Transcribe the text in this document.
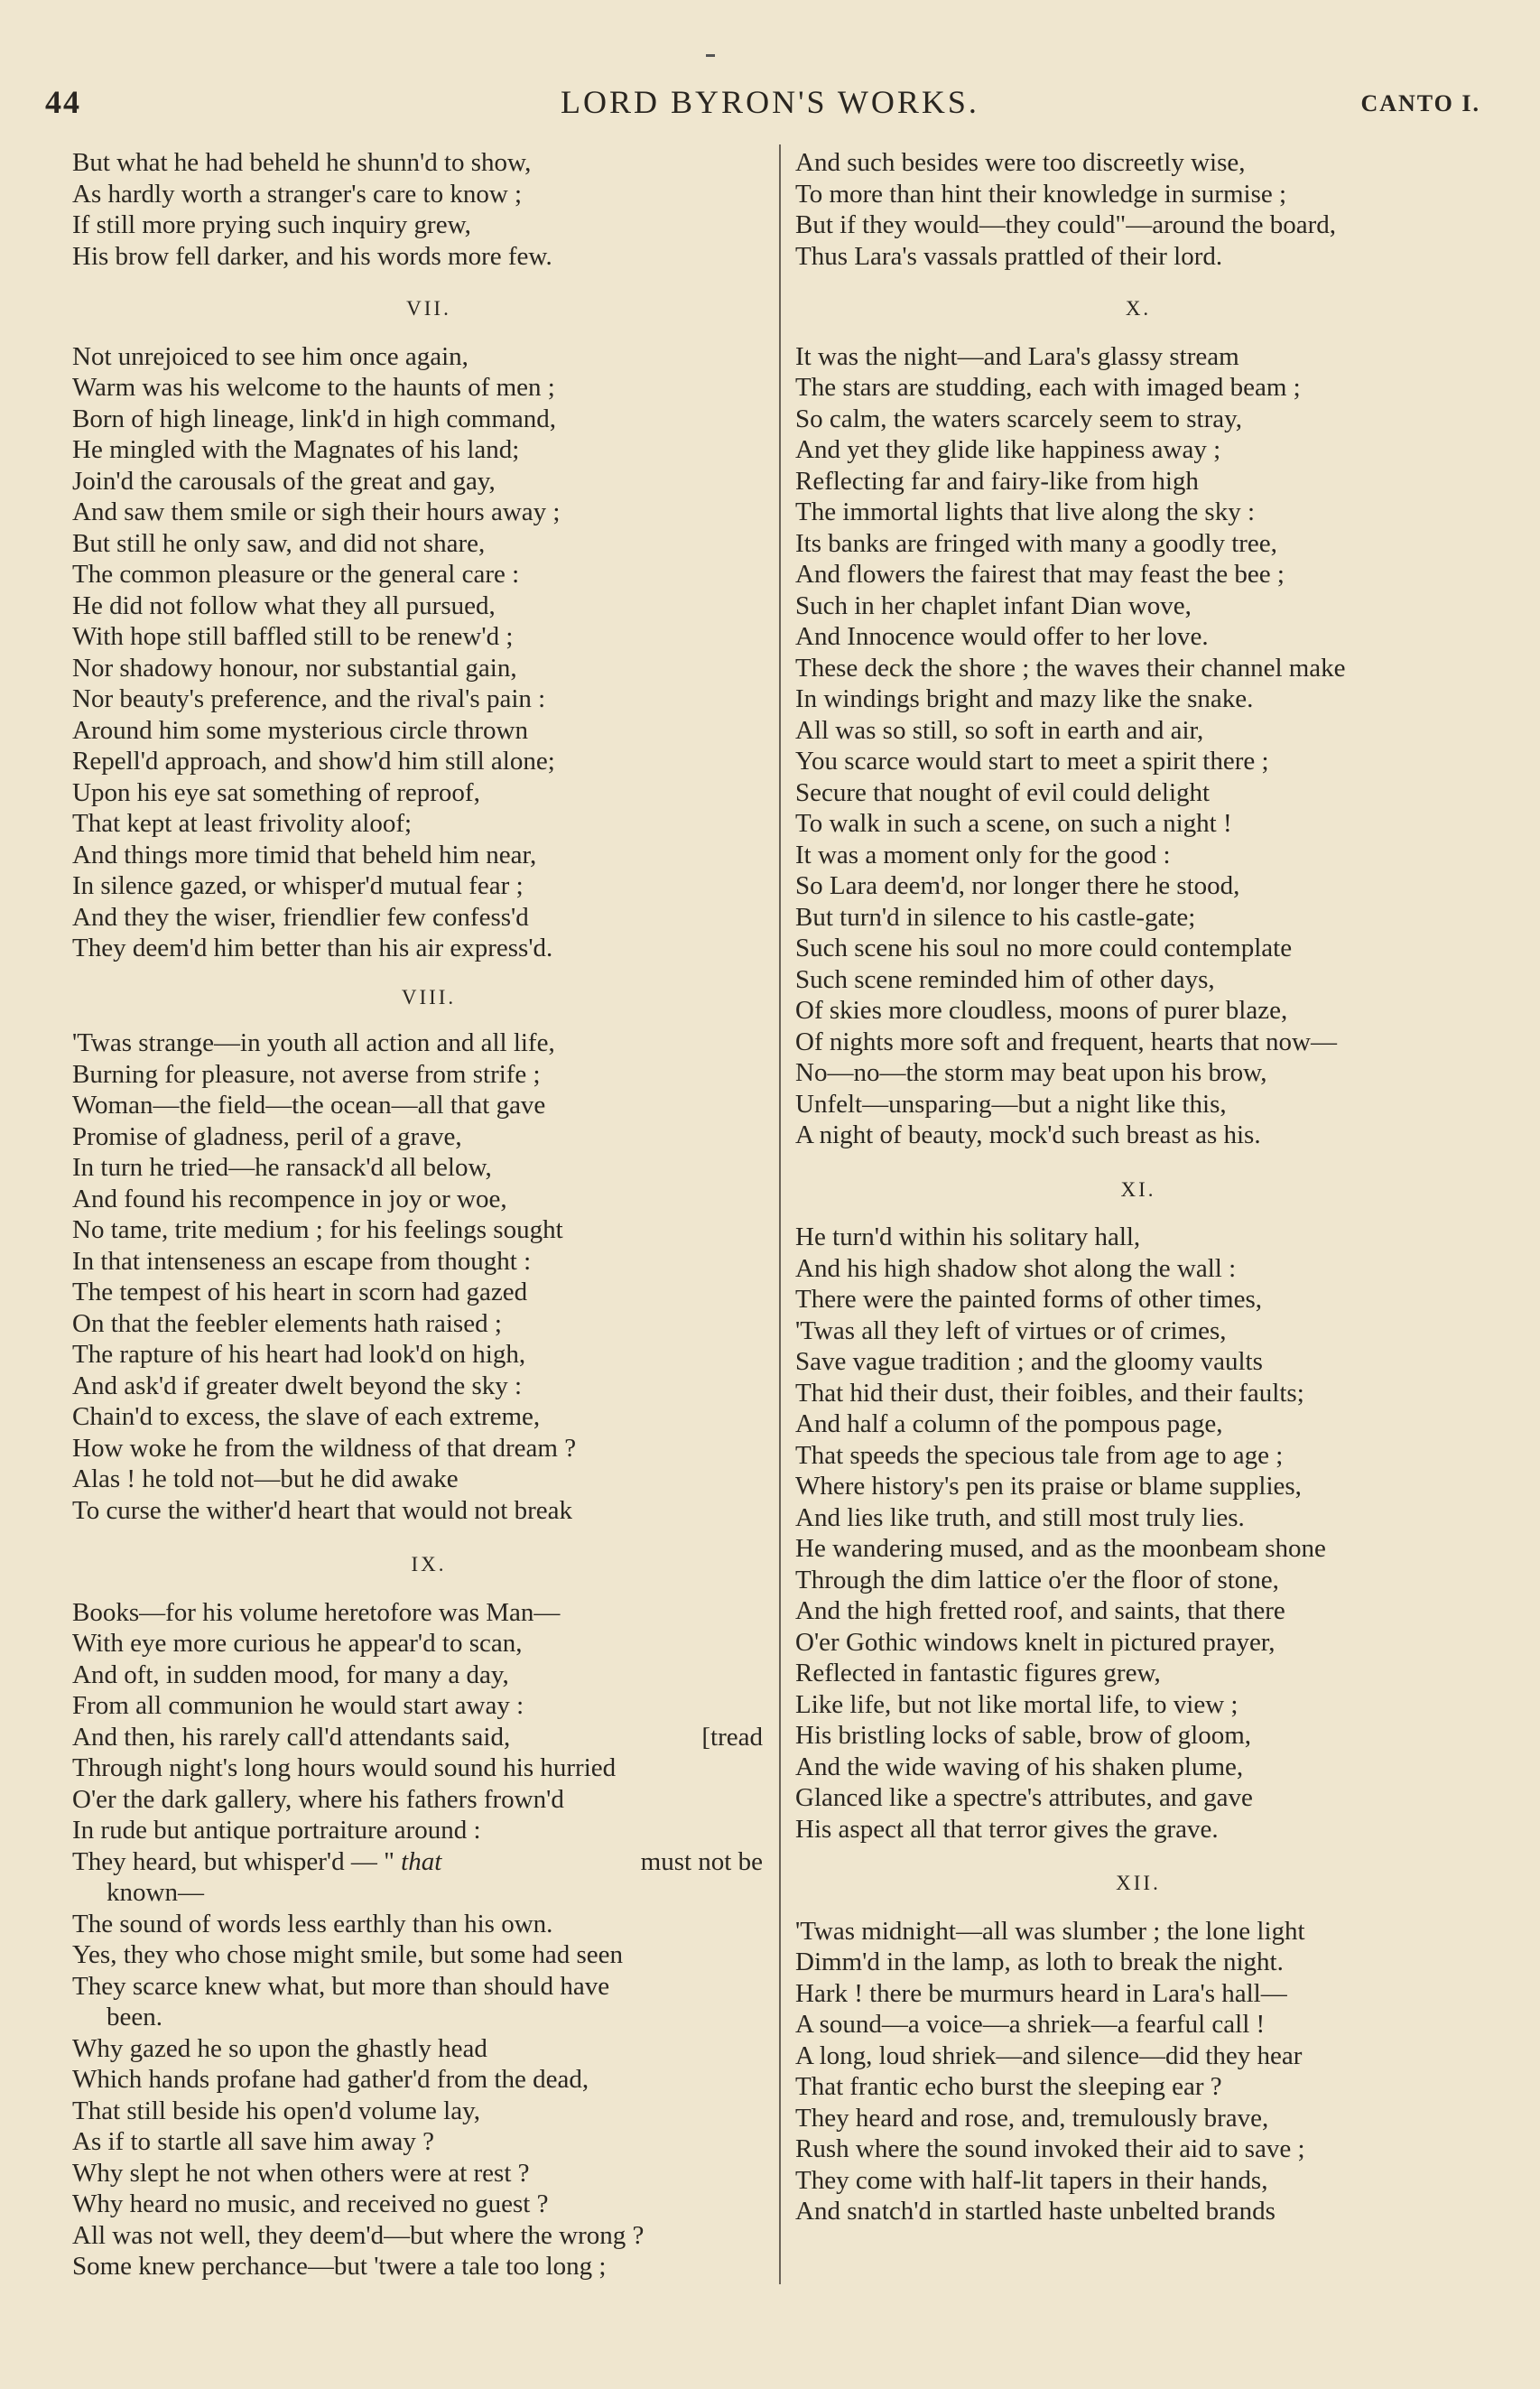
44	LORD BYRON'S WORKS.	CANTO I.
But what he had beheld he shunn'd to show,
As hardly worth a stranger's care to know ;
If still more prying such inquiry grew,
His brow fell darker, and his words more few.
VII.
Not unrejoiced to see him once again,
Warm was his welcome to the haunts of men ;
Born of high lineage, link'd in high command,
He mingled with the Magnates of his land;
Join'd the carousals of the great and gay,
And saw them smile or sigh their hours away ;
But still he only saw, and did not share,
The common pleasure or the general care :
He did not follow what they all pursued,
With hope still baffled still to be renew'd ;
Nor shadowy honour, nor substantial gain,
Nor beauty's preference, and the rival's pain :
Around him some mysterious circle thrown
Repell'd approach, and show'd him still alone;
Upon his eye sat something of reproof,
That kept at least frivolity aloof;
And things more timid that beheld him near,
In silence gazed, or whisper'd mutual fear ;
And they the wiser, friendlier few confess'd
They deem'd him better than his air express'd.
VIII.
'Twas strange—in youth all action and all life,
Burning for pleasure, not averse from strife ;
Woman—the field—the ocean—all that gave
Promise of gladness, peril of a grave,
In turn he tried—he ransack'd all below,
And found his recompence in joy or woe,
No tame, trite medium ; for his feelings sought
In that intenseness an escape from thought :
The tempest of his heart in scorn had gazed
On that the feebler elements hath raised ;
The rapture of his heart had look'd on high,
And ask'd if greater dwelt beyond the sky :
Chain'd to excess, the slave of each extreme,
How woke he from the wildness of that dream ?
Alas ! he told not—but he did awake
To curse the wither'd heart that would not break
IX.
Books—for his volume heretofore was Man—
With eye more curious he appear'd to scan,
And oft, in sudden mood, for many a day,
From all communion he would start away :
And then, his rarely call'd attendants said,	[tread
Through night's long hours would sound his hurried
O'er the dark gallery, where his fathers frown'd
In rude but antique portraiture around :
They heard, but whisper'd — " that	must not be
known—
The sound of words less earthly than his own.
Yes, they who chose might smile, but some had seen
They scarce knew what, but more than should have
been.
Why gazed he so upon the ghastly head
Which hands profane had gather'd from the dead,
That still beside his open'd volume lay,
As if to startle all save him away ?
Why slept he not when others were at rest ?
Why heard no music, and received no guest ?
All was not well, they deem'd—but where the wrong ?
Some knew perchance—but 'twere a tale too long ;
And such besides were too discreetly wise,
To more than hint their knowledge in surmise ;
But if they would—they could"—around the board,
Thus Lara's vassals prattled of their lord.
X.
It was the night—and Lara's glassy stream
The stars are studding, each with imaged beam ;
So calm, the waters scarcely seem to stray,
And yet they glide like happiness away ;
Reflecting far and fairy-like from high
The immortal lights that live along the sky :
Its banks are fringed with many a goodly tree,
And flowers the fairest that may feast the bee ;
Such in her chaplet infant Dian wove,
And Innocence would offer to her love.
These deck the shore ; the waves their channel make
In windings bright and mazy like the snake.
All was so still, so soft in earth and air,
You scarce would start to meet a spirit there ;
Secure that nought of evil could delight
To walk in such a scene, on such a night !
It was a moment only for the good :
So Lara deem'd, nor longer there he stood,
But turn'd in silence to his castle-gate;
Such scene his soul no more could contemplate
Such scene reminded him of other days,
Of skies more cloudless, moons of purer blaze,
Of nights more soft and frequent, hearts that now—
No—no—the storm may beat upon his brow,
Unfelt—unsparing—but a night like this,
A night of beauty, mock'd such breast as his.
XI.
He turn'd within his solitary hall,
And his high shadow shot along the wall :
There were the painted forms of other times,
'Twas all they left of virtues or of crimes,
Save vague tradition ; and the gloomy vaults
That hid their dust, their foibles, and their faults;
And half a column of the pompous page,
That speeds the specious tale from age to age ;
Where history's pen its praise or blame supplies,
And lies like truth, and still most truly lies.
He wandering mused, and as the moonbeam shone
Through the dim lattice o'er the floor of stone,
And the high fretted roof, and saints, that there
O'er Gothic windows knelt in pictured prayer,
Reflected in fantastic figures grew,
Like life, but not like mortal life, to view ;
His bristling locks of sable, brow of gloom,
And the wide waving of his shaken plume,
Glanced like a spectre's attributes, and gave
His aspect all that terror gives the grave.
XII.
'Twas midnight—all was slumber ; the lone light
Dimm'd in the lamp, as loth to break the night.
Hark ! there be murmurs heard in Lara's hall—
A sound—a voice—a shriek—a fearful call !
A long, loud shriek—and silence—did they hear
That frantic echo burst the sleeping ear ?
They heard and rose, and, tremulously brave,
Rush where the sound invoked their aid to save ;
They come with half-lit tapers in their hands,
And snatch'd in startled haste unbelted brands
